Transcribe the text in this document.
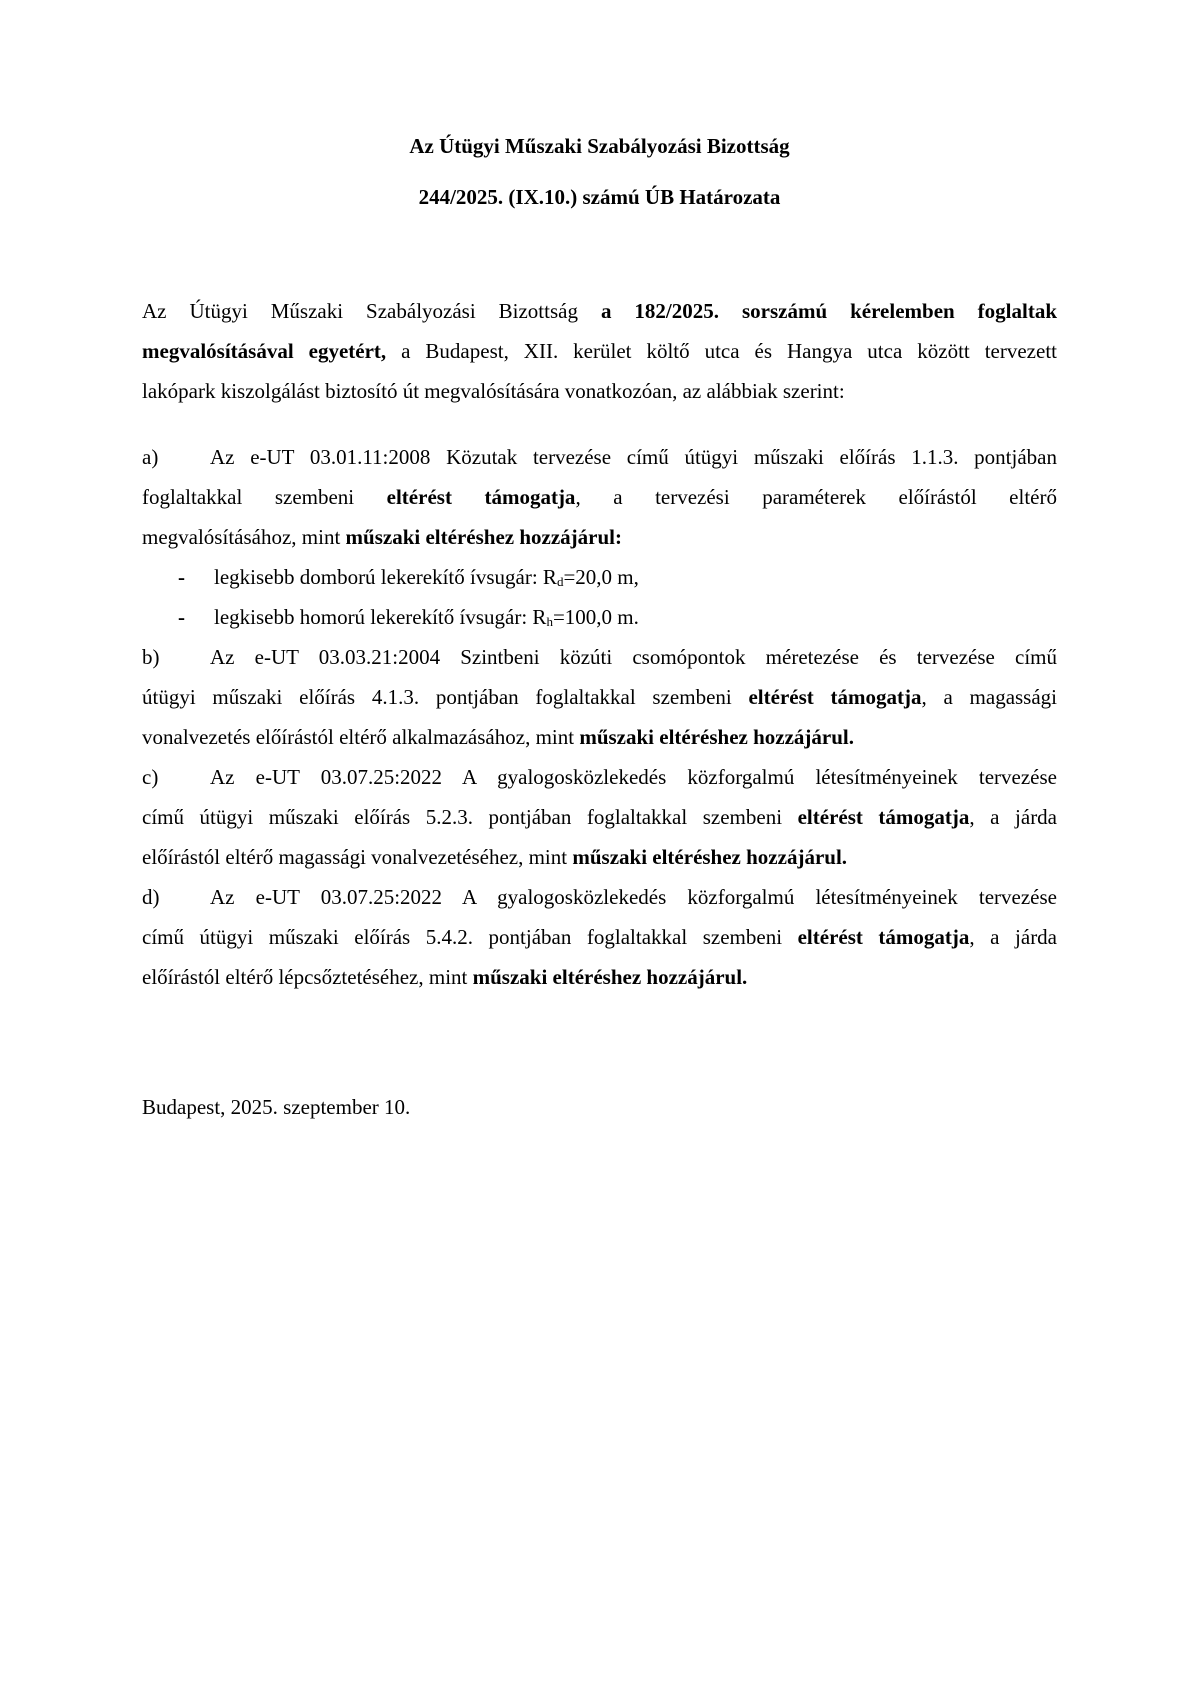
Az Útügyi Műszaki Szabályozási Bizottság
244/2025. (IX.10.) számú ÚB Határozata
Az Útügyi Műszaki Szabályozási Bizottság a 182/2025. sorszámú kérelemben foglaltak
megvalósításával egyetért, a Budapest, XII. kerület költő utca és Hangya utca között tervezett
lakópark kiszolgálást biztosító út megvalósítására vonatkozóan, az alábbiak szerint:
a) Az e-UT 03.01.11:2008 Közutak tervezése című útügyi műszaki előírás 1.1.3. pontjában
foglaltakkal szembeni eltérést támogatja, a tervezési paraméterek előírástól eltérő
megvalósításához, mint műszaki eltéréshez hozzájárul:
- legkisebb domború lekerekítő ívsugár: $R_d=20,0$ m,
- legkisebb homorú lekerekítő ívsugár: $R_h=100,0$ m.
b) Az e-UT 03.03.21:2004 Szintbeni közúti csomópontok méretezése és tervezése című
útügyi műszaki előírás 4.1.3. pontjában foglaltakkal szembeni eltérést támogatja, a magassági
vonalvezetés előírástól eltérő alkalmazásához, mint műszaki eltéréshez hozzájárul.
c) Az e-UT 03.07.25:2022 A gyalogosközlekedés közforgalmú létesítményeinek tervezése
című útügyi műszaki előírás 5.2.3. pontjában foglaltakkal szembeni eltérést támogatja, a járda
előírástól eltérő magassági vonalvezetéséhez, mint műszaki eltéréshez hozzájárul.
d) Az e-UT 03.07.25:2022 A gyalogosközlekedés közforgalmú létesítményeinek tervezése
című útügyi műszaki előírás 5.4.2. pontjában foglaltakkal szembeni eltérést támogatja, a járda
előírástól eltérő lépcsőztetéséhez, mint műszaki eltéréshez hozzájárul.
Budapest, 2025. szeptember 10.
